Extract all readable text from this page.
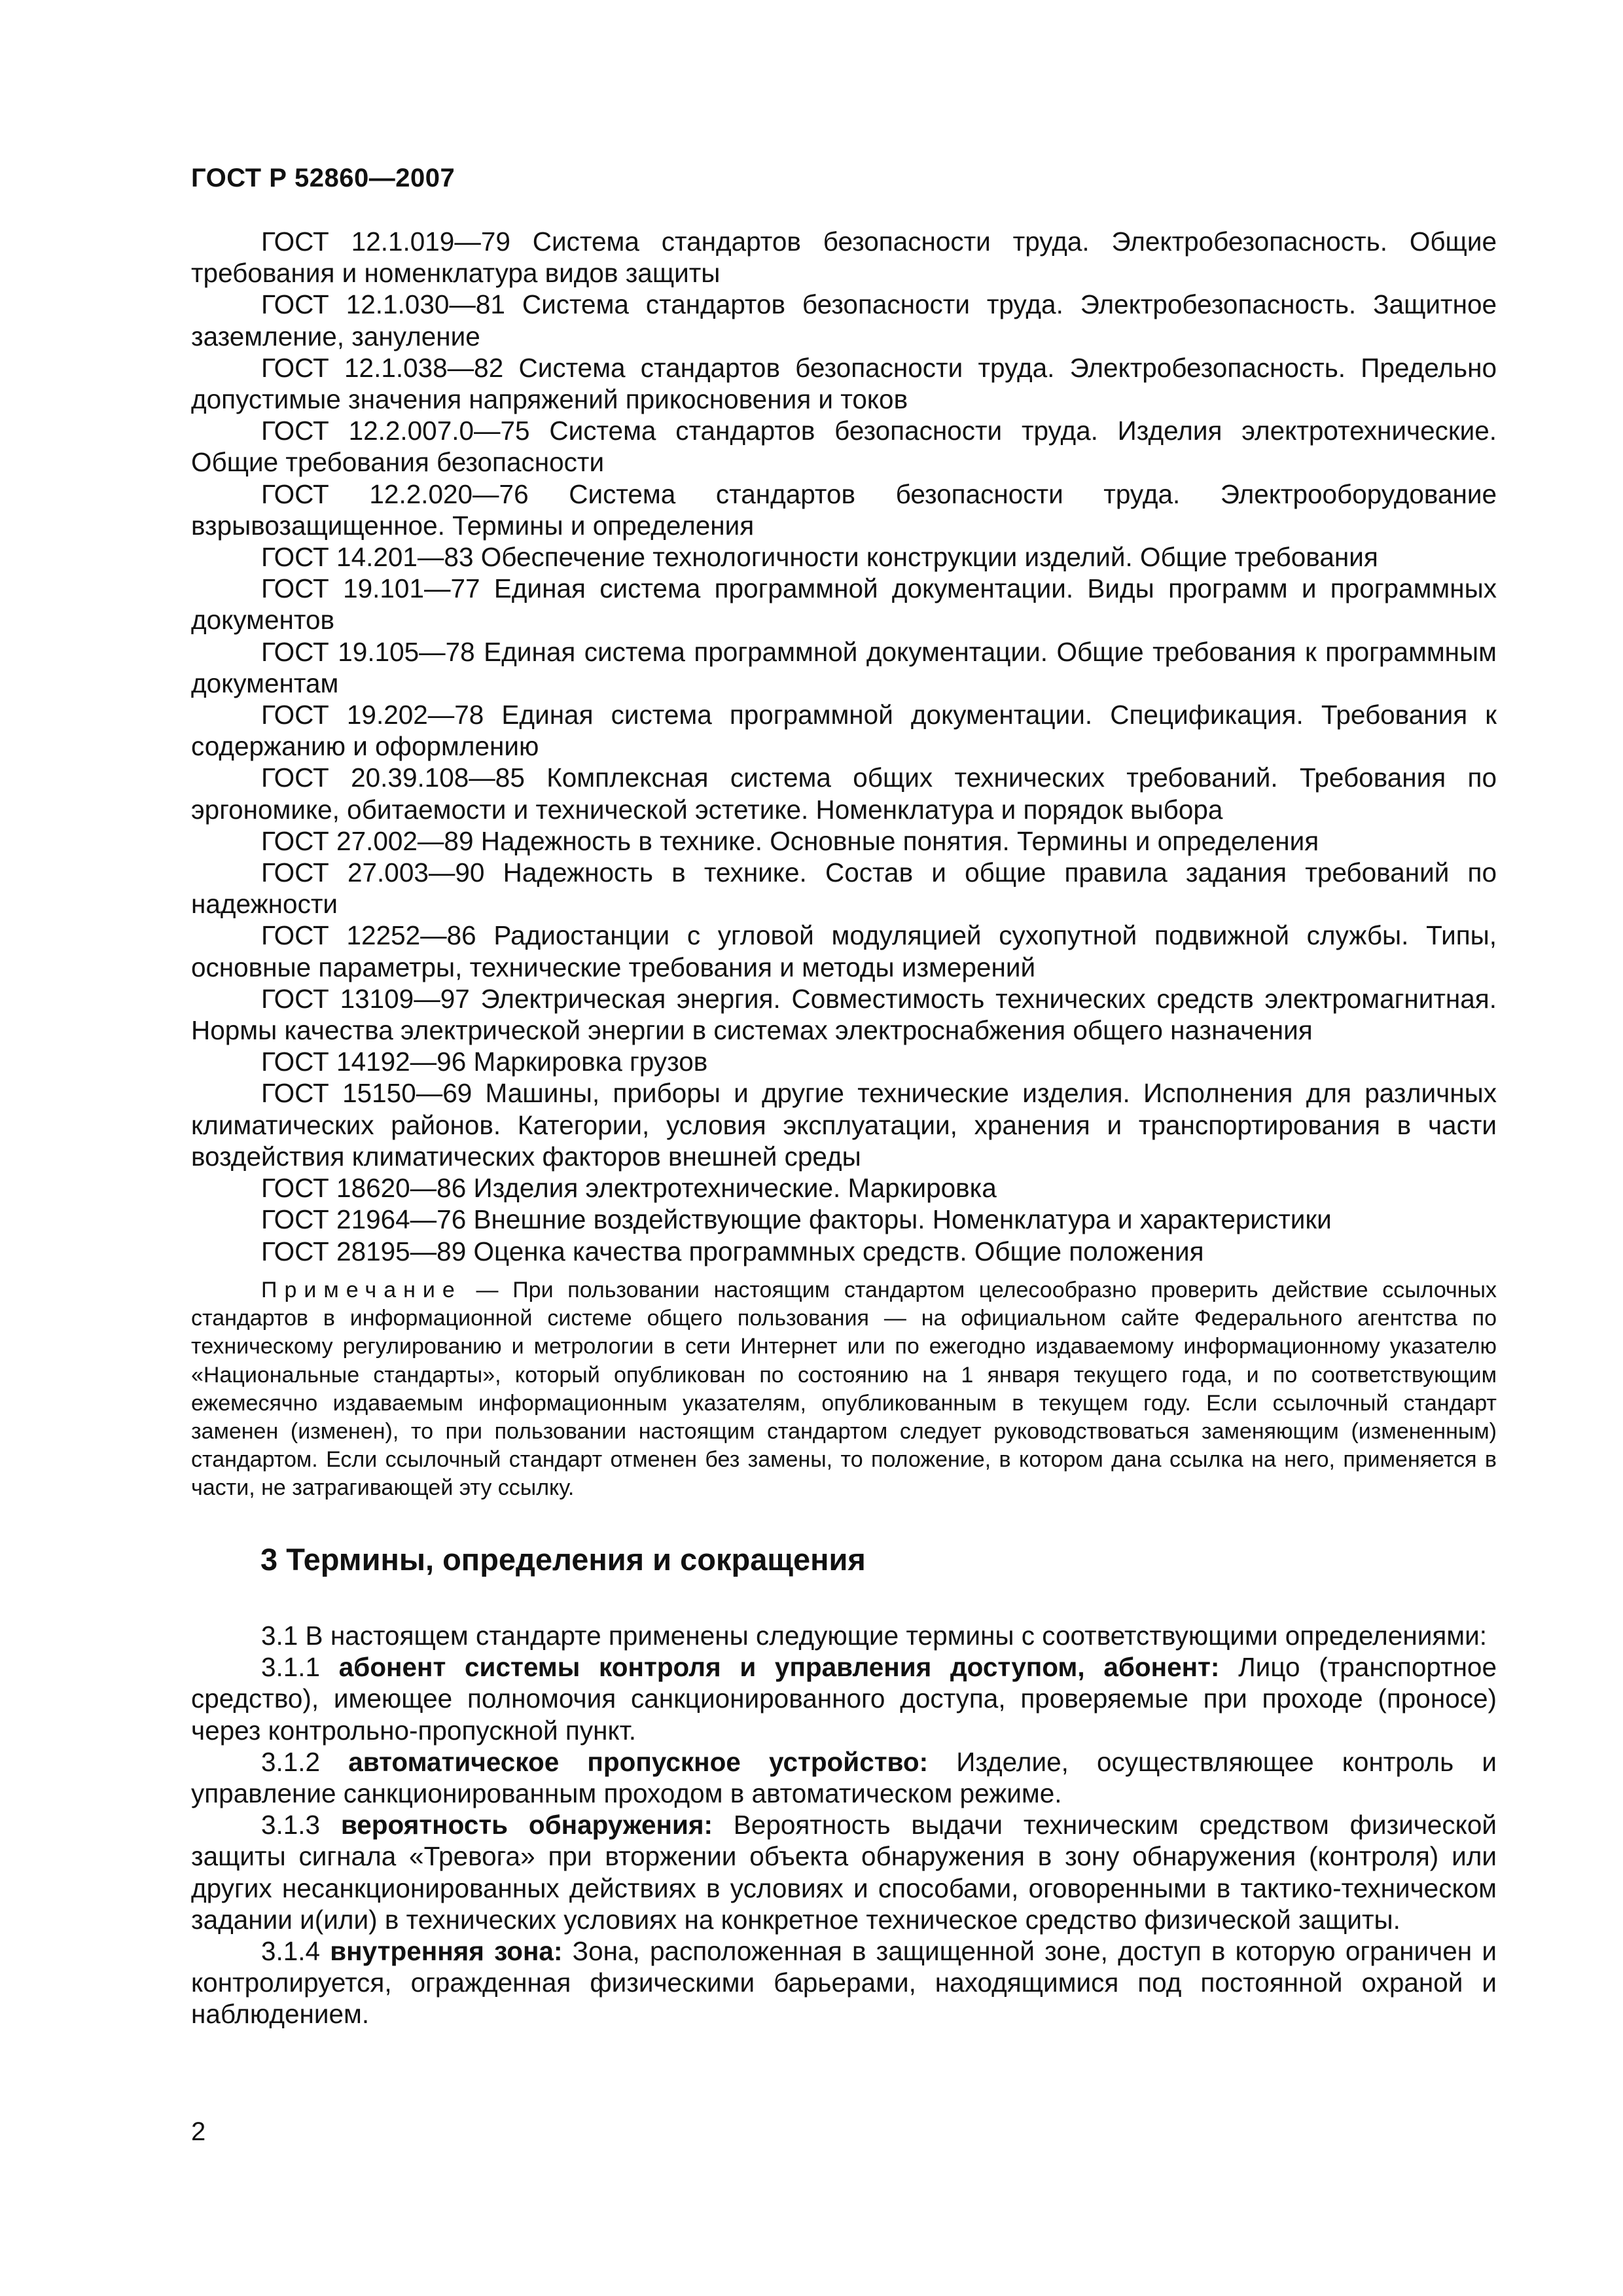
ГОСТ Р 52860—2007

ГОСТ 12.1.019—79 Система стандартов безопасности труда. Электробезопасность. Общие требования и номенклатура видов защиты

ГОСТ 12.1.030—81 Система стандартов безопасности труда. Электробезопасность. Защитное заземление, зануление

ГОСТ 12.1.038—82 Система стандартов безопасности труда. Электробезопасность. Предельно допустимые значения напряжений прикосновения и токов

ГОСТ 12.2.007.0—75 Система стандартов безопасности труда. Изделия электротехнические. Общие требования безопасности

ГОСТ 12.2.020—76 Система стандартов безопасности труда. Электрооборудование взрывозащищенное. Термины и определения

ГОСТ 14.201—83 Обеспечение технологичности конструкции изделий. Общие требования

ГОСТ 19.101—77 Единая система программной документации. Виды программ и программных документов

ГОСТ 19.105—78 Единая система программной документации. Общие требования к программным документам

ГОСТ 19.202—78 Единая система программной документации. Спецификация. Требования к содержанию и оформлению

ГОСТ 20.39.108—85 Комплексная система общих технических требований. Требования по эргономике, обитаемости и технической эстетике. Номенклатура и порядок выбора

ГОСТ 27.002—89 Надежность в технике. Основные понятия. Термины и определения

ГОСТ 27.003—90 Надежность в технике. Состав и общие правила задания требований по надежности

ГОСТ 12252—86 Радиостанции с угловой модуляцией сухопутной подвижной службы. Типы, основные параметры, технические требования и методы измерений

ГОСТ 13109—97 Электрическая энергия. Совместимость технических средств электромагнитная. Нормы качества электрической энергии в системах электроснабжения общего назначения

ГОСТ 14192—96 Маркировка грузов

ГОСТ 15150—69 Машины, приборы и другие технические изделия. Исполнения для различных климатических районов. Категории, условия эксплуатации, хранения и транспортирования в части воздействия климатических факторов внешней среды

ГОСТ 18620—86 Изделия электротехнические. Маркировка

ГОСТ 21964—76 Внешние воздействующие факторы. Номенклатура и характеристики

ГОСТ 28195—89 Оценка качества программных средств. Общие положения

Примечание — При пользовании настоящим стандартом целесообразно проверить действие ссылочных стандартов в информационной системе общего пользования — на официальном сайте Федерального агентства по техническому регулированию и метрологии в сети Интернет или по ежегодно издаваемому информационному указателю «Национальные стандарты», который опубликован по состоянию на 1 января текущего года, и по соответствующим ежемесячно издаваемым информационным указателям, опубликованным в текущем году. Если ссылочный стандарт заменен (изменен), то при пользовании настоящим стандартом следует руководствоваться заменяющим (измененным) стандартом. Если ссылочный стандарт отменен без замены, то положение, в котором дана ссылка на него, применяется в части, не затрагивающей эту ссылку.

3 Термины, определения и сокращения

3.1 В настоящем стандарте применены следующие термины с соответствующими определениями:

3.1.1 абонент системы контроля и управления доступом, абонент: Лицо (транспортное средство), имеющее полномочия санкционированного доступа, проверяемые при проходе (проносе) через контрольно-пропускной пункт.

3.1.2 автоматическое пропускное устройство: Изделие, осуществляющее контроль и управление санкционированным проходом в автоматическом режиме.

3.1.3 вероятность обнаружения: Вероятность выдачи техническим средством физической защиты сигнала «Тревога» при вторжении объекта обнаружения в зону обнаружения (контроля) или других несанкционированных действиях в условиях и способами, оговоренными в тактико-техническом задании и(или) в технических условиях на конкретное техническое средство физической защиты.

3.1.4 внутренняя зона: Зона, расположенная в защищенной зоне, доступ в которую ограничен и контролируется, огражденная физическими барьерами, находящимися под постоянной охраной и наблюдением.

2
